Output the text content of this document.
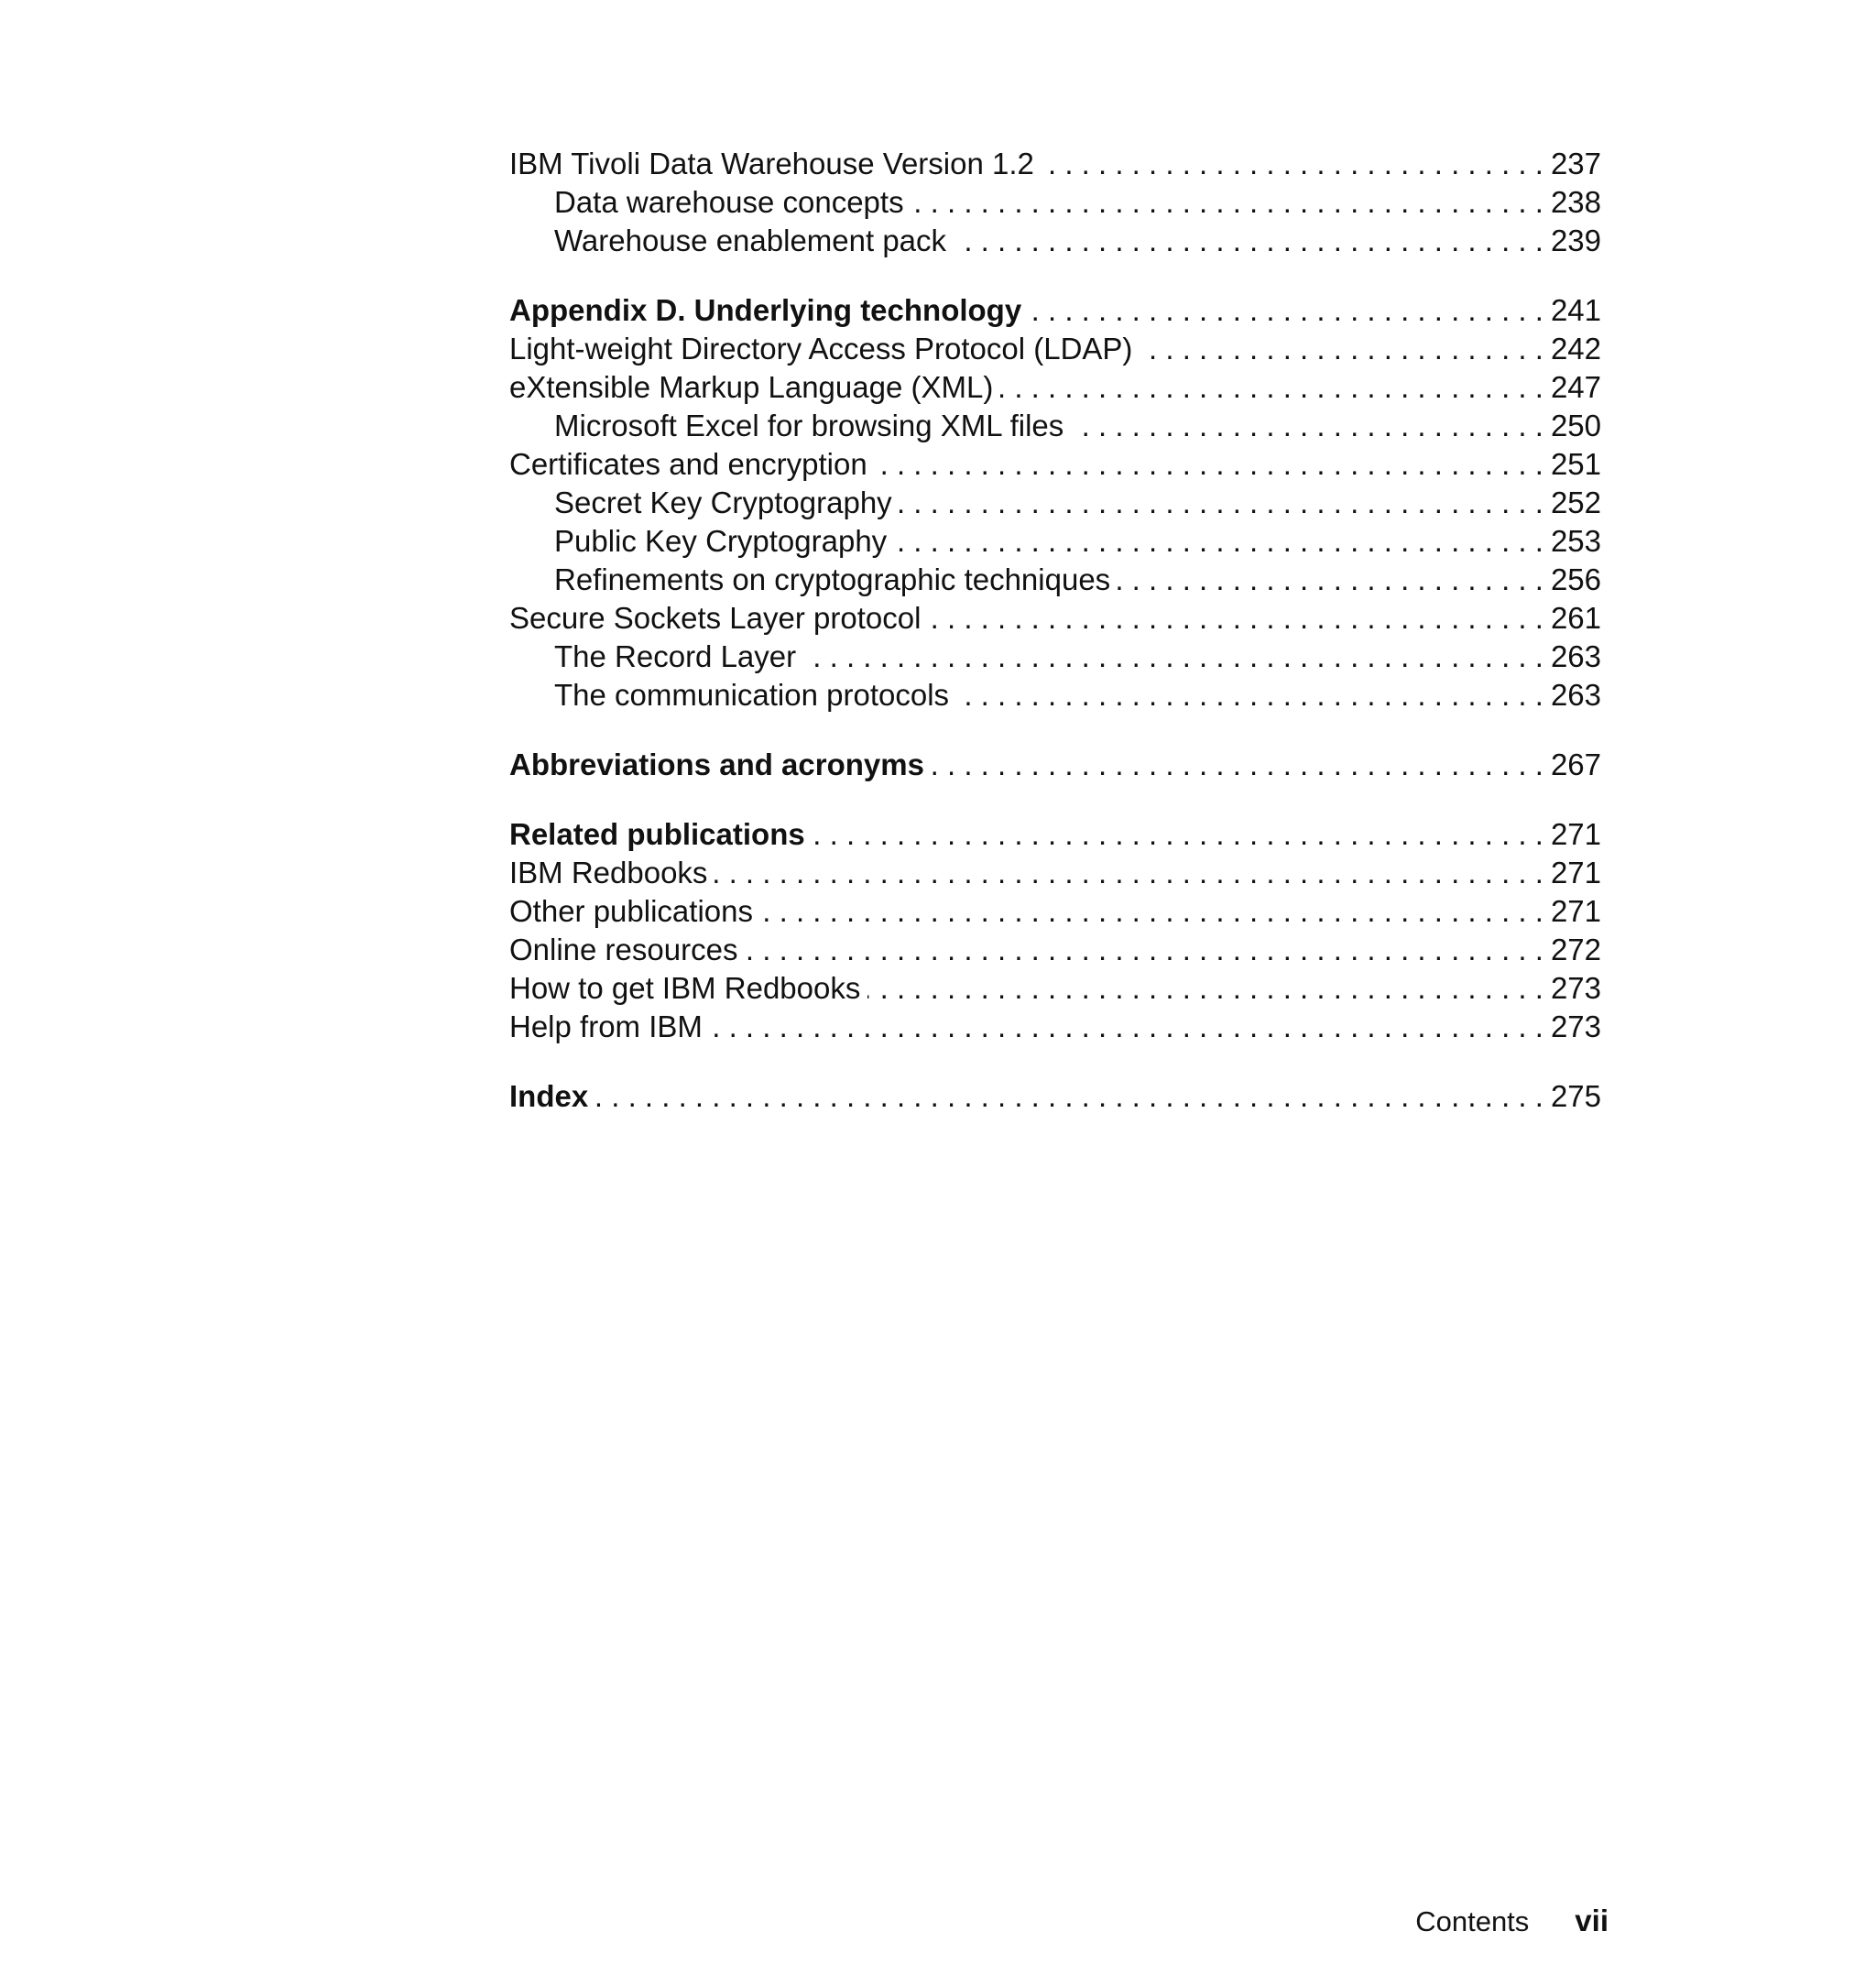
IBM Tivoli Data Warehouse Version 1.2 . . .	237
Data warehouse concepts . . .	238
Warehouse enablement pack . . .	239
Appendix D. Underlying technology . . .	241
Light-weight Directory Access Protocol (LDAP) . . .	242
eXtensible Markup Language (XML) . . .	247
Microsoft Excel for browsing XML files . . .	250
Certificates and encryption . . .	251
Secret Key Cryptography . . .	252
Public Key Cryptography . . .	253
Refinements on cryptographic techniques . . .	256
Secure Sockets Layer protocol . . .	261
The Record Layer . . .	263
The communication protocols . . .	263
Abbreviations and acronyms . . .	267
Related publications . . .	271
IBM Redbooks . . .	271
Other publications . . .	271
Online resources . . .	272
How to get IBM Redbooks . . .	273
Help from IBM . . .	273
Index . . .	275
Contents vii
